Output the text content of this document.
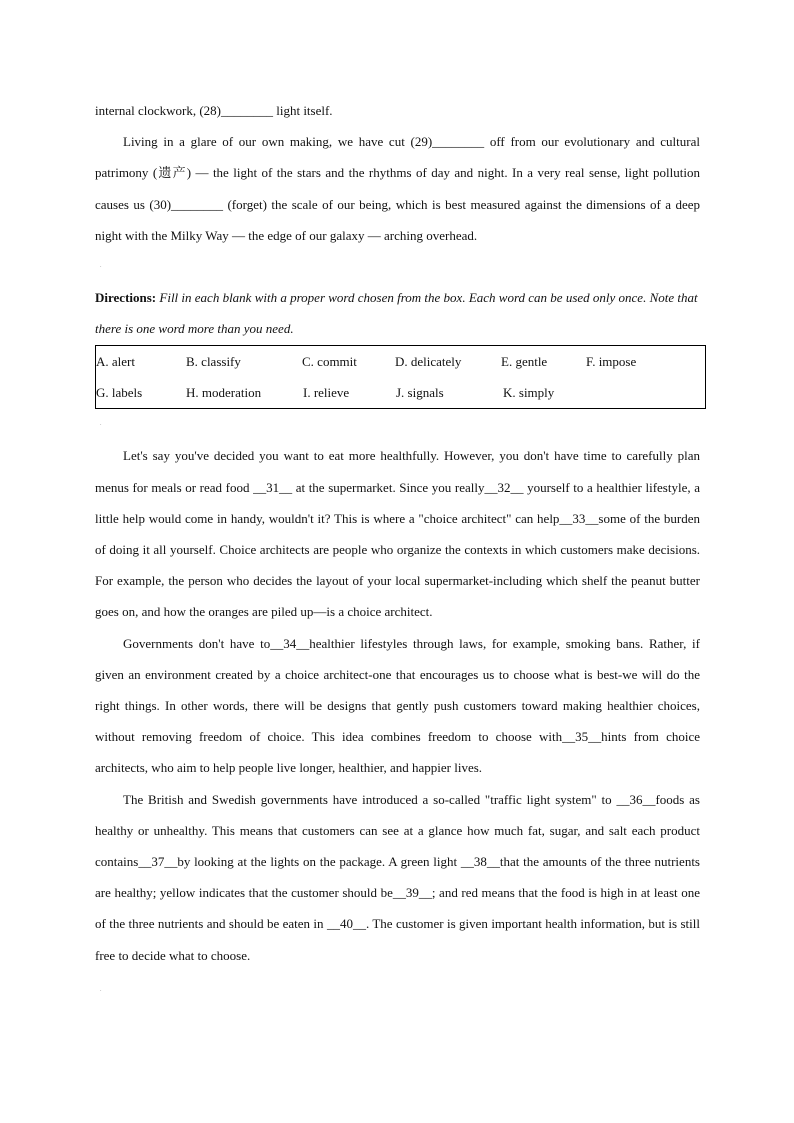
internal clockwork, (28)________ light itself.

Living in a glare of our own making, we have cut (29)________ off from our evolutionary and cultural patrimony (遗产) — the light of the stars and the rhythms of day and night. In a very real sense, light pollution causes us (30)________ (forget) the scale of our being, which is best measured against the dimensions of a deep night with the Milky Way — the edge of our galaxy — arching overhead.

.

Directions: Fill in each blank with a proper word chosen from the box. Each word can be used only once. Note that there is one word more than you need.

A. alert	B. classify	C. commit	D. delicately	E. gentle	F. impose
G. labels	H. moderation	I. relieve	J. signals	K. simply
.

Let's say you've decided you want to eat more healthfully. However, you don't have time to carefully plan menus for meals or read food __31__ at the supermarket. Since you really__32__ yourself to a healthier lifestyle, a little help would come in handy, wouldn't it? This is where a "choice architect" can help__33__some of the burden of doing it all yourself. Choice architects are people who organize the contexts in which customers make decisions. For example, the person who decides the layout of your local supermarket-including which shelf the peanut butter goes on, and how the oranges are piled up—is a choice architect.

Governments don't have to__34__healthier lifestyles through laws, for example, smoking bans. Rather, if given an environment created by a choice architect-one that encourages us to choose what is best-we will do the right things. In other words, there will be designs that gently push customers toward making healthier choices, without removing freedom of choice. This idea combines freedom to choose with__35__hints from choice architects, who aim to help people live longer, healthier, and happier lives.

The British and Swedish governments have introduced a so-called "traffic light system" to __36__foods as healthy or unhealthy. This means that customers can see at a glance how much fat, sugar, and salt each product contains__37__by looking at the lights on the package. A green light __38__that the amounts of the three nutrients are healthy; yellow indicates that the customer should be__39__; and red means that the food is high in at least one of the three nutrients and should be eaten in __40__. The customer is given important health information, but is still free to decide what to choose.

.
